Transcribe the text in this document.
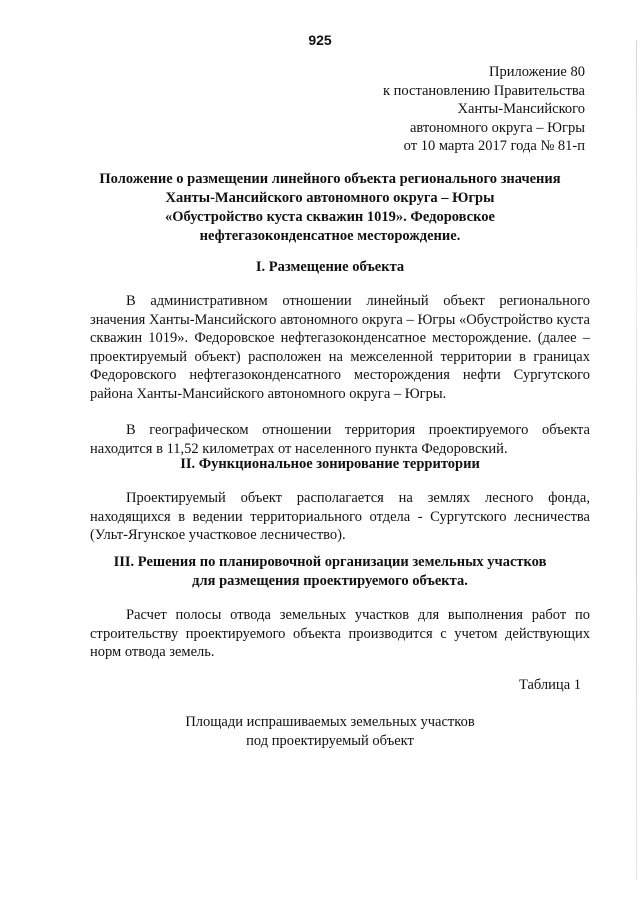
925
Приложение 80
к постановлению Правительства
Ханты-Мансийского
автономного округа – Югры
от 10 марта 2017 года № 81-п
Положение о размещении линейного объекта регионального значения
Ханты-Мансийского автономного округа – Югры
«Обустройство куста скважин 1019». Федоровское
нефтегазоконденсатное месторождение.
I. Размещение объекта
В административном отношении линейный объект регионального значения Ханты-Мансийского автономного округа – Югры «Обустройство куста скважин 1019». Федоровское нефтегазоконденсатное месторождение. (далее – проектируемый объект) расположен на межселенной территории в границах Федоровского нефтегазоконденсатного месторождения нефти Сургутского района Ханты-Мансийского автономного округа – Югры.
В географическом отношении территория проектируемого объекта находится в 11,52 километрах от населенного пункта Федоровский.
II. Функциональное зонирование территории
Проектируемый объект располагается на землях лесного фонда, находящихся в ведении территориального отдела - Сургутского лесничества (Ульт-Ягунское участковое лесничество).
III. Решения по планировочной организации земельных участков
для размещения проектируемого объекта.
Расчет полосы отвода земельных участков для выполнения работ по строительству проектируемого объекта производится с учетом действующих норм отвода земель.
Таблица 1
Площади испрашиваемых земельных участков
под проектируемый объект
